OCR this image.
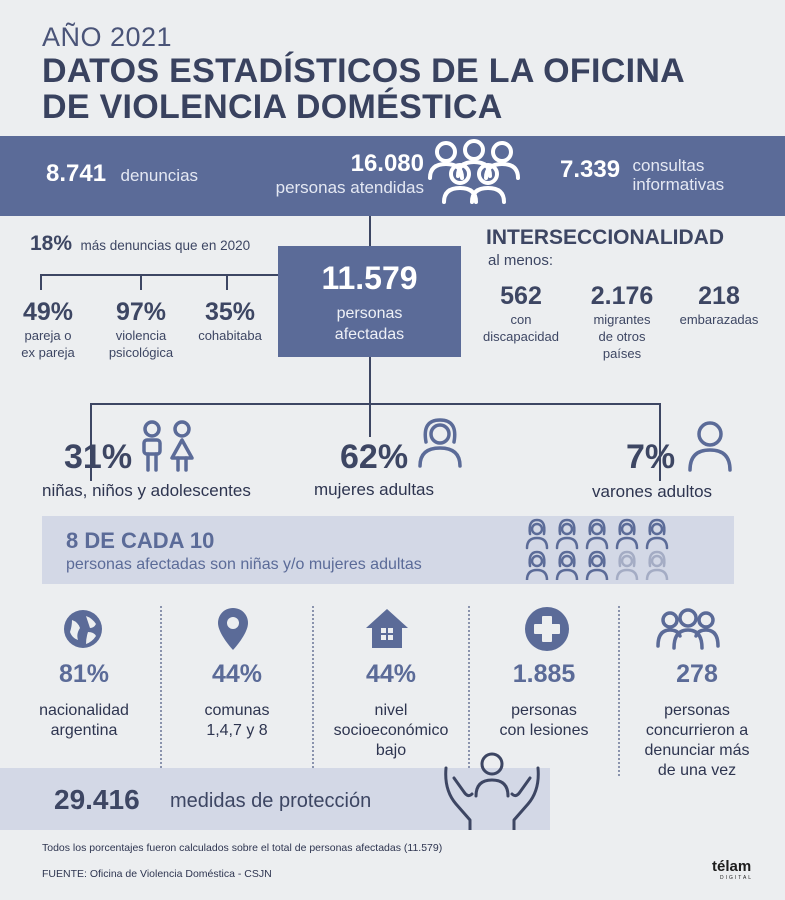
AÑO 2021
DATOS ESTADÍSTICOS DE LA OFICINA
DE VIOLENCIA DOMÉSTICA
8.741 denuncias	16.080
personas atendidas
7.339 consultas
informativas
18% más denuncias que en 2020
49%
pareja o
ex pareja
97%
violencia
psicológica
35%
cohabitaba
11.579
personas
afectadas
INTERSECCIONALIDAD
al menos:
562
con
discapacidad
2.176
migrantes
de otros
países
218
embarazadas
31%
niñas, niños y adolescentes
62%
mujeres adultas
7%
varones adultos
8 DE CADA 10
personas afectadas son niñas y/o mujeres adultas
81%
nacionalidad
argentina
44%
comunas
1,4,7 y 8
44%
nivel
socioeconómico
bajo
1.885
personas
con lesiones
278
personas
concurrieron a
denunciar más
de una vez
29.416 medidas de protección
Todos los porcentajes fueron calculados sobre el total de personas afectadas (11.579)
FUENTE: Oficina de Violencia Doméstica - CSJN	télam
DIGITAL
